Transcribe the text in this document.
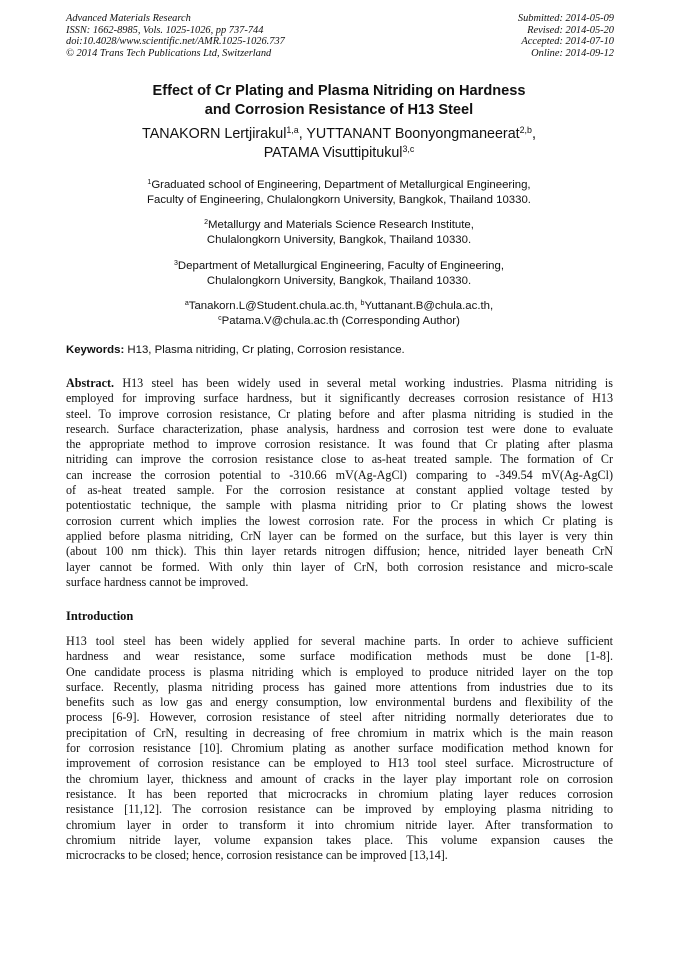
Advanced Materials Research
ISSN: 1662-8985, Vols. 1025-1026, pp 737-744
doi:10.4028/www.scientific.net/AMR.1025-1026.737
© 2014 Trans Tech Publications Ltd, Switzerland
Submitted: 2014-05-09
Revised: 2014-05-20
Accepted: 2014-07-10
Online: 2014-09-12
Effect of Cr Plating and Plasma Nitriding on Hardness
and Corrosion Resistance of H13 Steel
TANAKORN Lertjirakul$^{1,a}$, YUTTANANT Boonyongmaneerat$^{2,b}$,
PATAMA Visuttipitukul$^{3,c}$
$^1$Graduated school of Engineering, Department of Metallurgical Engineering,
Faculty of Engineering, Chulalongkorn University, Bangkok, Thailand 10330.
$^2$Metallurgy and Materials Science Research Institute,
Chulalongkorn University, Bangkok, Thailand 10330.
$^3$Department of Metallurgical Engineering, Faculty of Engineering,
Chulalongkorn University, Bangkok, Thailand 10330.
$^a$Tanakorn.L@Student.chula.ac.th, $^b$Yuttanant.B@chula.ac.th,
$^c$Patama.V@chula.ac.th (Corresponding Author)
Keywords: H13, Plasma nitriding, Cr plating, Corrosion resistance.
Abstract. H13 steel has been widely used in several metal working industries. Plasma nitriding is
employed for improving surface hardness, but it significantly decreases corrosion resistance of H13
steel. To improve corrosion resistance, Cr plating before and after plasma nitriding is studied in the
research. Surface characterization, phase analysis, hardness and corrosion test were done to evaluate
the appropriate method to improve corrosion resistance. It was found that Cr plating after plasma
nitriding can improve the corrosion resistance close to as-heat treated sample. The formation of Cr
can increase the corrosion potential to -310.66 mV(Ag-AgCl) comparing to -349.54 mV(Ag-AgCl)
of as-heat treated sample. For the corrosion resistance at constant applied voltage tested by
potentiostatic technique, the sample with plasma nitriding prior to Cr plating shows the lowest
corrosion current which implies the lowest corrosion rate. For the process in which Cr plating is
applied before plasma nitriding, CrN layer can be formed on the surface, but this layer is very thin
(about 100 nm thick). This thin layer retards nitrogen diffusion; hence, nitrided layer beneath CrN
layer cannot be formed. With only thin layer of CrN, both corrosion resistance and micro-scale
surface hardness cannot be improved.
Introduction
H13 tool steel has been widely applied for several machine parts. In order to achieve sufficient
hardness and wear resistance, some surface modification methods must be done [1-8].
One candidate process is plasma nitriding which is employed to produce nitrided layer on the top
surface. Recently, plasma nitriding process has gained more attentions from industries due to its
benefits such as low gas and energy consumption, low environmental burdens and flexibility of the
process [6-9]. However, corrosion resistance of steel after nitriding normally deteriorates due to
precipitation of CrN, resulting in decreasing of free chromium in matrix which is the main reason
for corrosion resistance [10]. Chromium plating as another surface modification method known for
improvement of corrosion resistance can be employed to H13 tool steel surface. Microstructure of
the chromium layer, thickness and amount of cracks in the layer play important role on corrosion
resistance. It has been reported that microcracks in chromium plating layer reduces corrosion
resistance [11,12]. The corrosion resistance can be improved by employing plasma nitriding to
chromium layer in order to transform it into chromium nitride layer. After transformation to
chromium nitride layer, volume expansion takes place. This volume expansion causes the
microcracks to be closed; hence, corrosion resistance can be improved [13,14].
